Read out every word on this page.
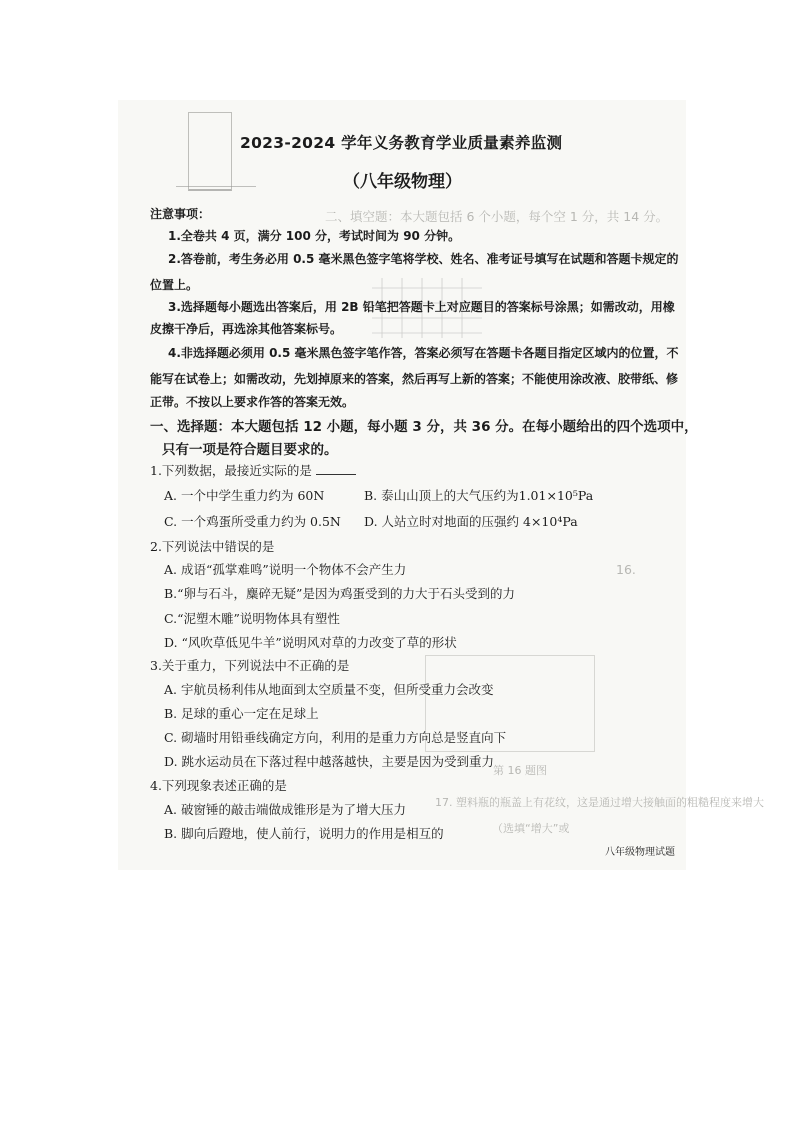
二、填空题：本大题包括 6 个小题，每个空 1 分，共 14 分。
16.
17. 塑料瓶的瓶盖上有花纹，这是通过增大接触面的粗糙程度来增大
（选填“增大”或
第 16 题图
2023-2024 学年义务教育学业质量素养监测
（八年级物理）
注意事项：
1.全卷共 4 页，满分 100 分，考试时间为 90 分钟。
2.答卷前，考生务必用 0.5 毫米黑色签字笔将学校、姓名、准考证号填写在试题和答题卡规定的
位置上。
3.选择题每小题选出答案后，用 2B 铅笔把答题卡上对应题目的答案标号涂黑；如需改动，用橡
皮擦干净后，再选涂其他答案标号。
4.非选择题必须用 0.5 毫米黑色签字笔作答，答案必须写在答题卡各题目指定区域内的位置，不
能写在试卷上；如需改动，先划掉原来的答案，然后再写上新的答案；不能使用涂改液、胶带纸、修
正带。不按以上要求作答的答案无效。
一、选择题：本大题包括 12 小题，每小题 3 分，共 36 分。在每小题给出的四个选项中，
只有一项是符合题目要求的。
1.下列数据，最接近实际的是
A. 一个中学生重力约为 60N	B. 泰山山顶上的大气压约为1.01×10⁵Pa
C. 一个鸡蛋所受重力约为 0.5N D. 人站立时对地面的压强约 4×10⁴Pa
2.下列说法中错误的是
A. 成语“孤掌难鸣”说明一个物体不会产生力
B.“卵与石斗，麋碎无疑”是因为鸡蛋受到的力大于石头受到的力
C.“泥塑木雕”说明物体具有塑性
D. “风吹草低见牛羊”说明风对草的力改变了草的形状
3.关于重力，下列说法中不正确的是
A. 宇航员杨利伟从地面到太空质量不变，但所受重力会改变
B. 足球的重心一定在足球上
C. 砌墙时用铅垂线确定方向，利用的是重力方向总是竖直向下
D. 跳水运动员在下落过程中越落越快，主要是因为受到重力
4.下列现象表述正确的是
A. 破窗锤的敲击端做成锥形是为了增大压力
B. 脚向后蹬地，使人前行，说明力的作用是相互的
八年级物理试题
